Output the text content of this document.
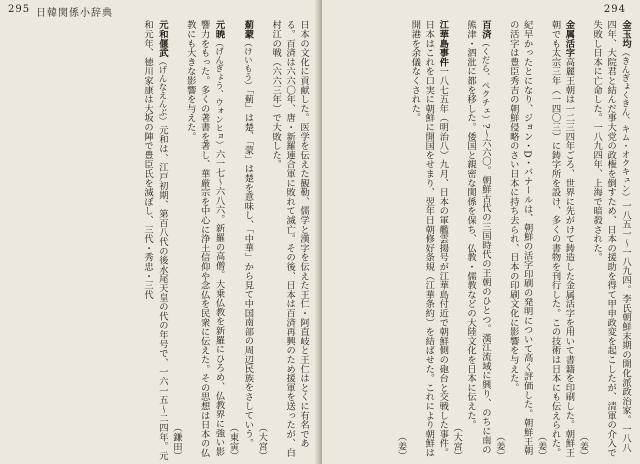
295 日韓関係小辞典

日本の文化に貢献した。医学を伝えた観勒、儒学と漢字を伝えた王仁・阿直岐と王仁はとくに有名である。百済は六六〇年、唐・新羅連合軍に敗れて滅亡。その後、日本は百済再興のため援軍を送ったが、白村江の戦（六六三年）で大敗した。
（大宮）

薊蒙（けいもう）「薊」は楚、「蒙」は楚を意味し、「中華」から見て中国南部の周辺民族をさしていう。
（東寅）

元暁（げんぎょう、ウォンヒョ）六一七〜六八六。新羅の高僧。大乗仏教を新羅にひろめ、仏教界に強い影響力をもった。多くの著書を著し、華厳宗を中心に浄土信仰や念仏を民衆に伝えた。その思想は日本の仏教にも大きな影響を与えた。
（鎌田）

元和偃武（げんなえんぶ）元和は、江戸初期、第百八代の後水尾天皇の代の年号で、一六一五〜二四年。元和元年、徳川家康は大坂の陣で豊臣氏を滅ぼし、三代・秀忠・三代

294

金玉均（きんぎょくきん、キム・オクキュン）一八五一〜一八九四。李氏朝鮮末期の開化派政治家。一八八四年、大院君と結んだ事大党の政権を倒すため、日本の援助を得て甲申政変を起こしたが、清軍の介入で失敗し日本に亡命した。一八九四年、上海で暗殺された。
（姜）

金属活字高麗王朝は一二三四年ごろ、世界に先がけて鋳造した金属活字を用いて書籍を印刷した。朝鮮王朝でも太宗三年（一四〇三）に鋳字所を設け、多くの書物を刊行した。この技術は日本にも伝えられた。
（姜）

紀早かったとになり、ジョン・D・バナールは、朝鮮の活字印刷の発明について高く評価した。朝鮮王朝の活字は豊臣秀吉の朝鮮侵略のさい日本に持ち去られ、日本の印刷文化に影響を与えた。
（姜）

百済（くだら、ペクチェ）?〜六六〇。朝鮮古代の三国時代の王朝のひとつ。漢江流域に興り、のちに南の熊津・泗沘に都を移した。倭国と親密な関係を保ち、仏教・儒教などの大陸文化を日本に伝えた。
（大宮）

江華島事件一八七五年（明治八）九月、日本の軍艦雲揚号が江華島付近で朝鮮側の砲台と交戦した事件。日本はこれを口実に朝鮮に開国をせまり、翌年日朝修好条規（江華条約）を結ばせた。これにより朝鮮は開港を余儀なくされた。
（姜）
